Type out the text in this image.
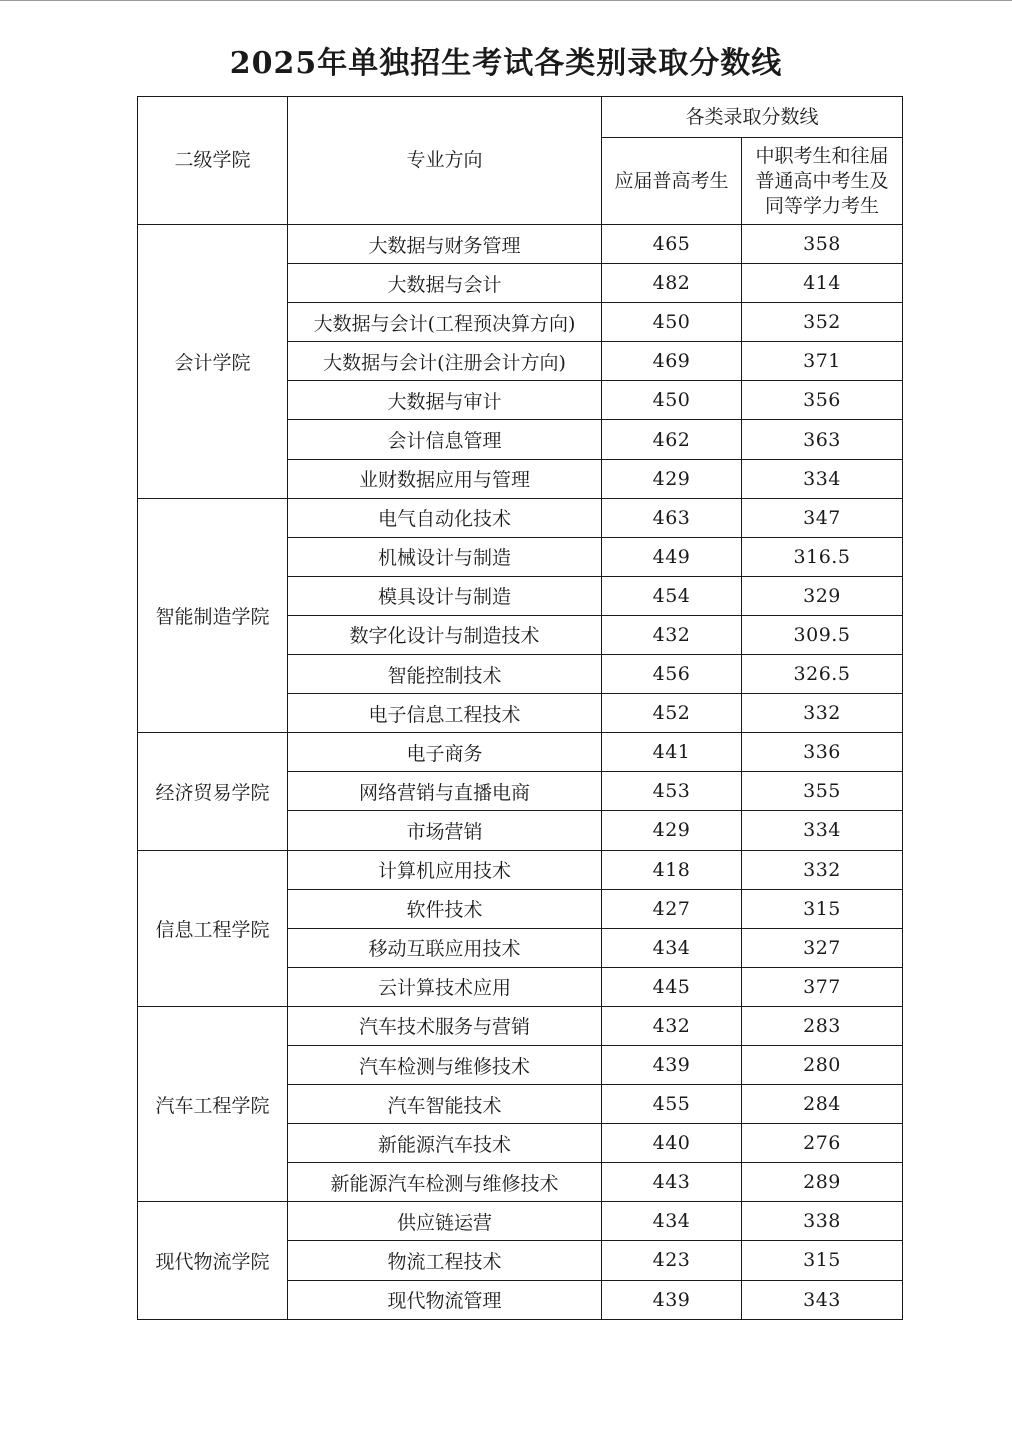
2025年单独招生考试各类别录取分数线
二级学院	专业方向	各类录取分数线	
		应届普高考生	中职考生和往届普通高中考生及同等学力考生

会计学院	大数据与财务管理	465	358
	大数据与会计	482	414
	大数据与会计(工程预决算方向)	450	352
	大数据与会计(注册会计方向)	469	371
	大数据与审计	450	356
	会计信息管理	462	363
	业财数据应用与管理	429	334
智能制造学院	电气自动化技术	463	347
	机械设计与制造	449	316.5
	模具设计与制造	454	329
	数字化设计与制造技术	432	309.5
	智能控制技术	456	326.5
	电子信息工程技术	452	332
经济贸易学院	电子商务	441	336
	网络营销与直播电商	453	355
	市场营销	429	334
信息工程学院	计算机应用技术	418	332
	软件技术	427	315
	移动互联应用技术	434	327
	云计算技术应用	445	377
汽车工程学院	汽车技术服务与营销	432	283
	汽车检测与维修技术	439	280
	汽车智能技术	455	284
	新能源汽车技术	440	276
	新能源汽车检测与维修技术	443	289
现代物流学院	供应链运营	434	338
	物流工程技术	423	315
	现代物流管理	439	343
